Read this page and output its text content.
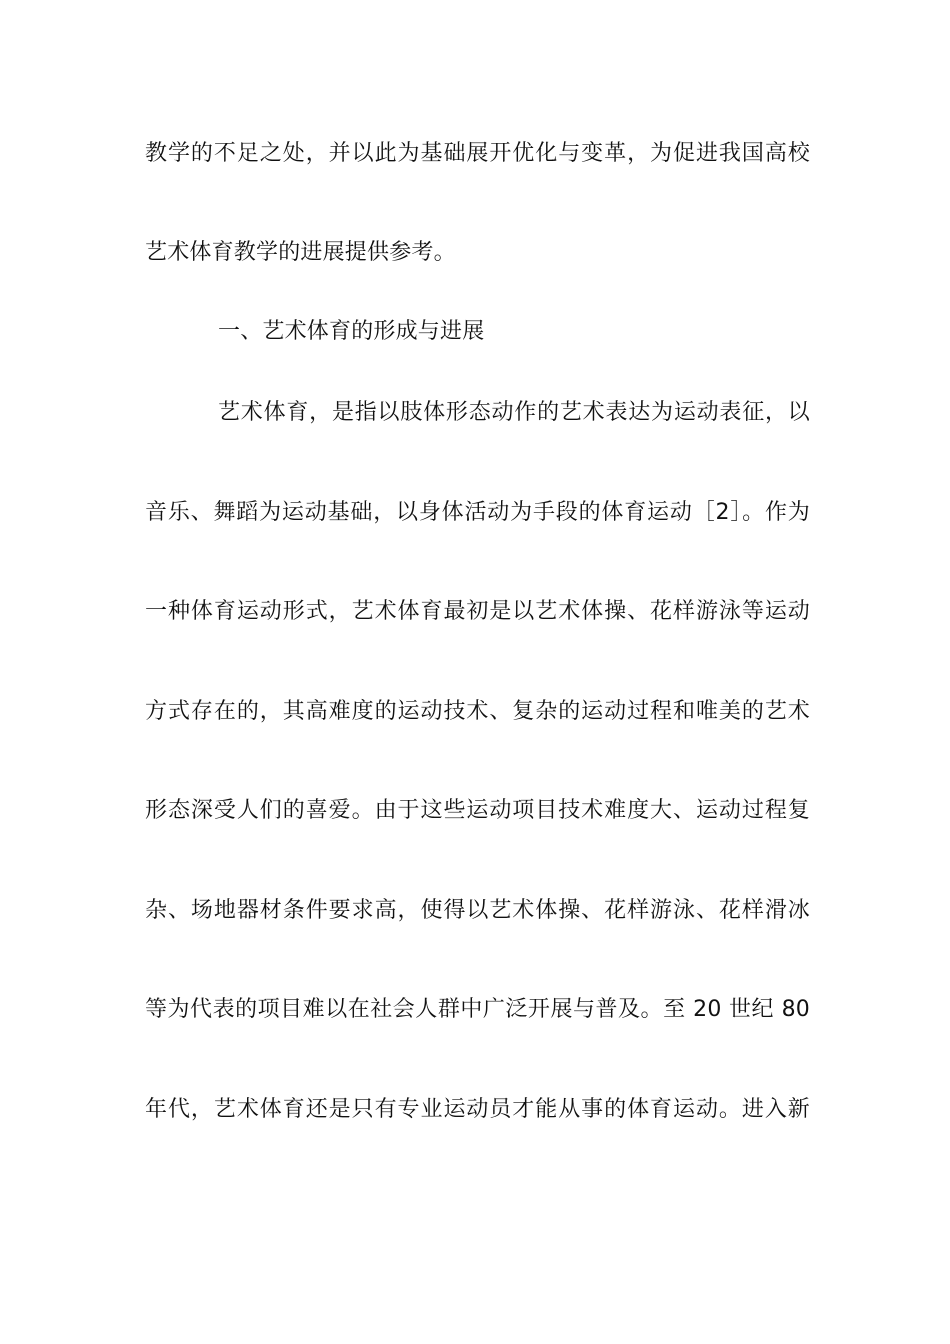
教学的不足之处，并以此为基础展开优化与变革，为促进我国高校
艺术体育教学的进展提供参考。
一、艺术体育的形成与进展
艺术体育，是指以肢体形态动作的艺术表达为运动表征，以
音乐、舞蹈为运动基础，以身体活动为手段的体育运动［2］。作为
一种体育运动形式，艺术体育最初是以艺术体操、花样游泳等运动
方式存在的，其高难度的运动技术、复杂的运动过程和唯美的艺术
形态深受人们的喜爱。由于这些运动项目技术难度大、运动过程复
杂、场地器材条件要求高，使得以艺术体操、花样游泳、花样滑冰
等为代表的项目难以在社会人群中广泛开展与普及。至 20 世纪 80
年代，艺术体育还是只有专业运动员才能从事的体育运动。进入新
